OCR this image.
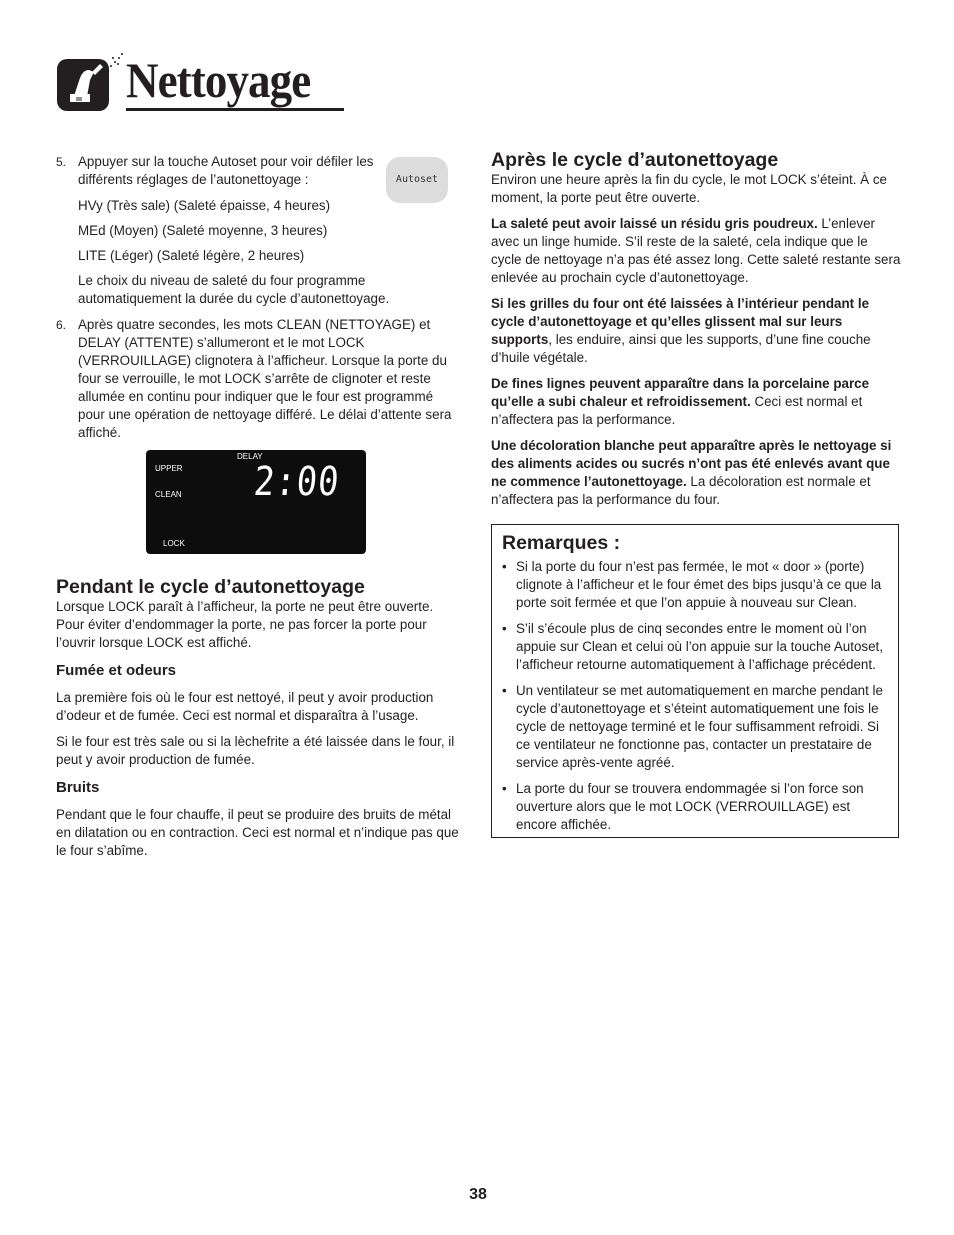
Nettoyage
5. Appuyer sur la touche Autoset pour voir défiler les différents réglages de l’autonettoyage :

HVy (Très sale) (Saleté épaisse, 4 heures)

MEd (Moyen) (Saleté moyenne, 3 heures)

LITE (Léger) (Saleté légère, 2 heures)

Le choix du niveau de saleté du four programme automatiquement la durée du cycle d’autonettoyage.

Autoset
6. Après quatre secondes, les mots CLEAN (NETTOYAGE) et DELAY (ATTENTE) s’allumeront et le mot LOCK (VERROUILLAGE) clignotera à l’afficheur. Lorsque la porte du four se verrouille, le mot LOCK s’arrête de clignoter et reste allumée en continu pour indiquer que le four est programmé pour une opération de nettoyage différé. Le délai d’attente sera affiché.

DELAY
UPPER
CLEAN
LOCK
2:00
Pendant le cycle d’autonettoyage

Lorsque LOCK paraît à l’afficheur, la porte ne peut être ouverte. Pour éviter d’endommager la porte, ne pas forcer la porte pour l’ouvrir lorsque LOCK est affiché.

Fumée et odeurs

La première fois où le four est nettoyé, il peut y avoir production d’odeur et de fumée. Ceci est normal et disparaîtra à l’usage.

Si le four est très sale ou si la lèchefrite a été laissée dans le four, il peut y avoir production de fumée.

Bruits

Pendant que le four chauffe, il peut se produire des bruits de métal en dilatation ou en contraction. Ceci est normal et n’indique pas que le four s’abîme.

Après le cycle d’autonettoyage

Environ une heure après la fin du cycle, le mot LOCK s’éteint. À ce moment, la porte peut être ouverte.

La saleté peut avoir laissé un résidu gris poudreux. L’enlever avec un linge humide. S’il reste de la saleté, cela indique que le cycle de nettoyage n’a pas été assez long. Cette saleté restante sera enlevée au prochain cycle d’autonettoyage.

Si les grilles du four ont été laissées à l’intérieur pendant le cycle d’autonettoyage et qu’elles glissent mal sur leurs supports, les enduire, ainsi que les supports, d’une fine couche d’huile végétale.

De fines lignes peuvent apparaître dans la porcelaine parce qu’elle a subi chaleur et refroidissement. Ceci est normal et n’affectera pas la performance.

Une décoloration blanche peut apparaître après le nettoyage si des aliments acides ou sucrés n’ont pas été enlevés avant que ne commence l’autonettoyage. La décoloration est normale et n’affectera pas la performance du four.

Remarques :
• Si la porte du four n’est pas fermée, le mot « door » (porte) clignote à l’afficheur et le four émet des bips jusqu’à ce que la porte soit fermée et que l’on appuie à nouveau sur Clean.
• S’il s’écoule plus de cinq secondes entre le moment où l’on appuie sur Clean et celui où l’on appuie sur la touche Autoset, l’afficheur retourne automatiquement à l’affichage précédent.
• Un ventilateur se met automatiquement en marche pendant le cycle d’autonettoyage et s’éteint automatiquement une fois le cycle de nettoyage terminé et le four suffisamment refroidi. Si ce ventilateur ne fonctionne pas, contacter un prestataire de service après-vente agréé.
• La porte du four se trouvera endommagée si l’on force son ouverture alors que le mot LOCK (VERROUILLAGE) est encore affichée.
38
